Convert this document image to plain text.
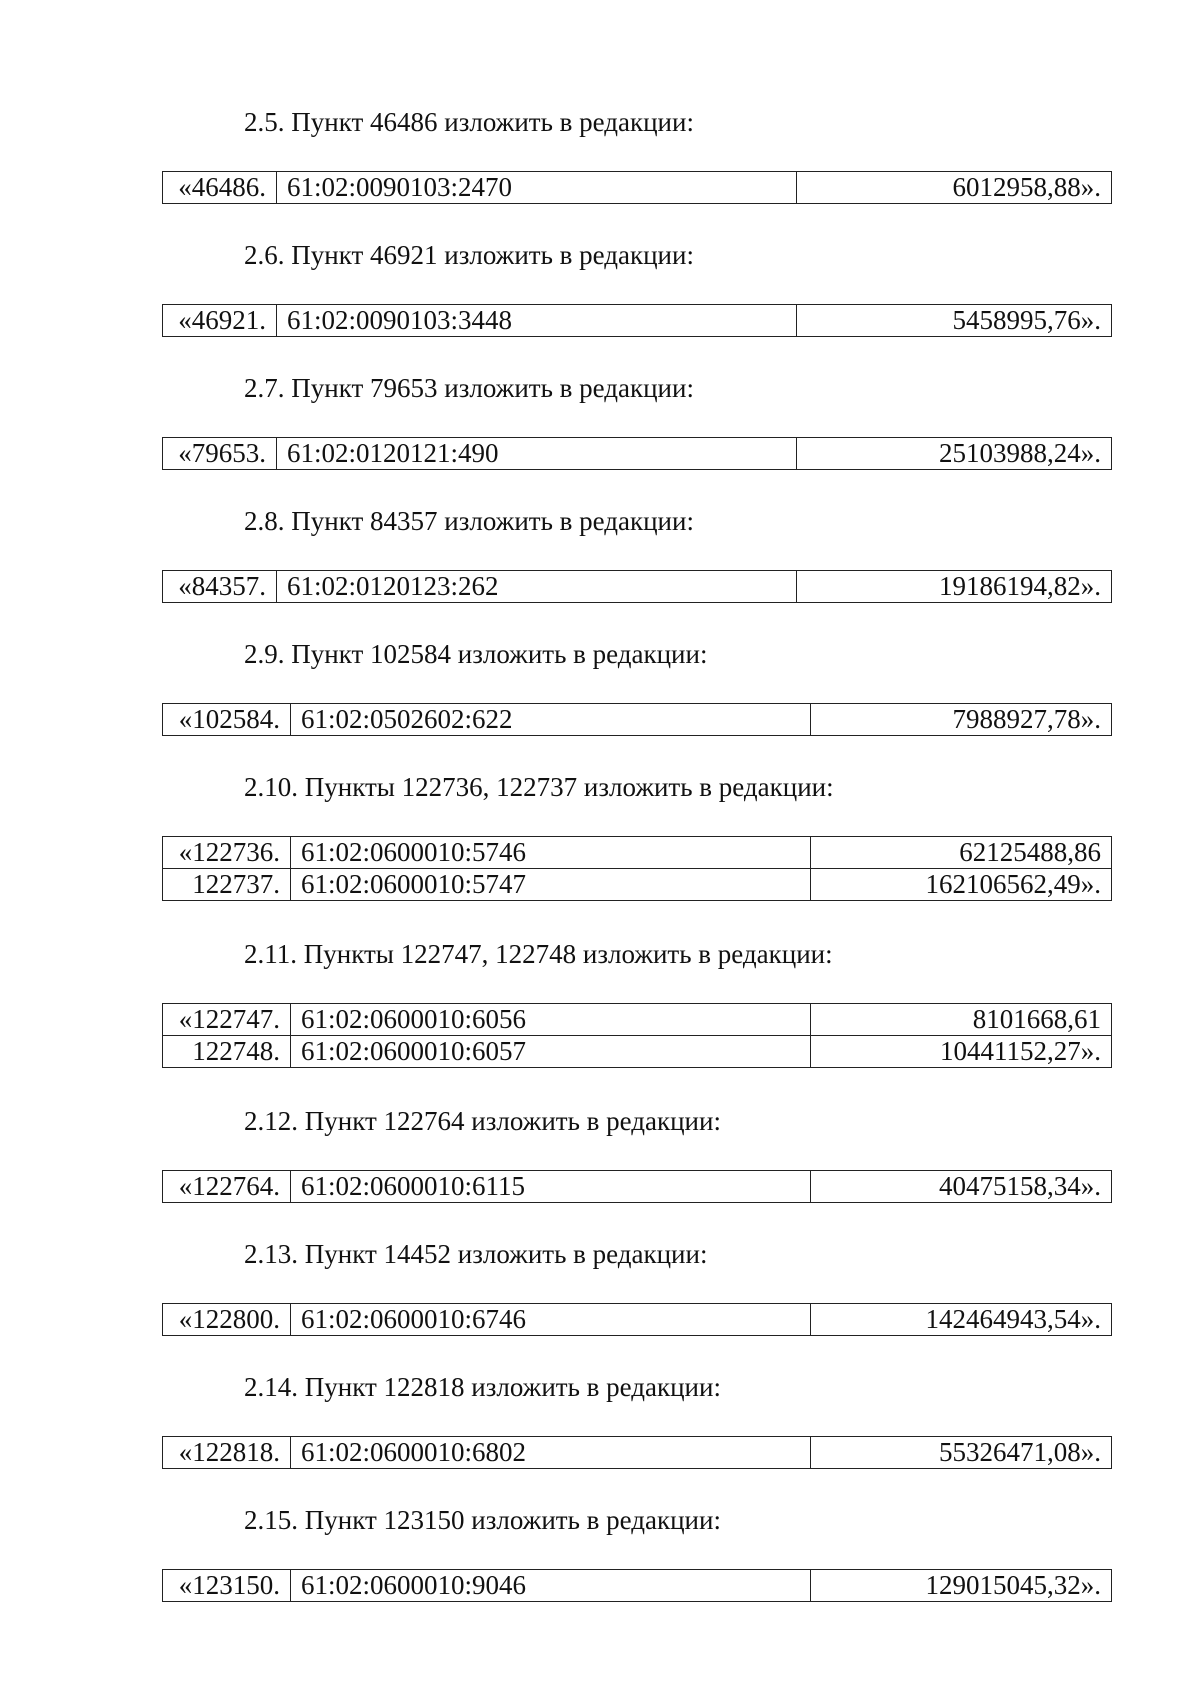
2.5. Пункт 46486 изложить в редакции:
«46486.	61:02:0090103:2470	6012958,88».
2.6. Пункт 46921 изложить в редакции:
«46921.	61:02:0090103:3448	5458995,76».
2.7. Пункт 79653 изложить в редакции:
«79653.	61:02:0120121:490	25103988,24».
2.8. Пункт 84357 изложить в редакции:
«84357.	61:02:0120123:262	19186194,82».
2.9. Пункт 102584 изложить в редакции:
«102584.	61:02:0502602:622	7988927,78».
2.10. Пункты 122736, 122737 изложить в редакции:
«122736.	61:02:0600010:5746	62125488,86
122737.	61:02:0600010:5747	162106562,49».
2.11. Пункты 122747, 122748 изложить в редакции:
«122747.	61:02:0600010:6056	8101668,61
122748.	61:02:0600010:6057	10441152,27».
2.12. Пункт 122764 изложить в редакции:
«122764.	61:02:0600010:6115	40475158,34».
2.13. Пункт 14452 изложить в редакции:
«122800.	61:02:0600010:6746	142464943,54».
2.14. Пункт 122818 изложить в редакции:
«122818.	61:02:0600010:6802	55326471,08».
2.15. Пункт 123150 изложить в редакции:
«123150.	61:02:0600010:9046	129015045,32».
